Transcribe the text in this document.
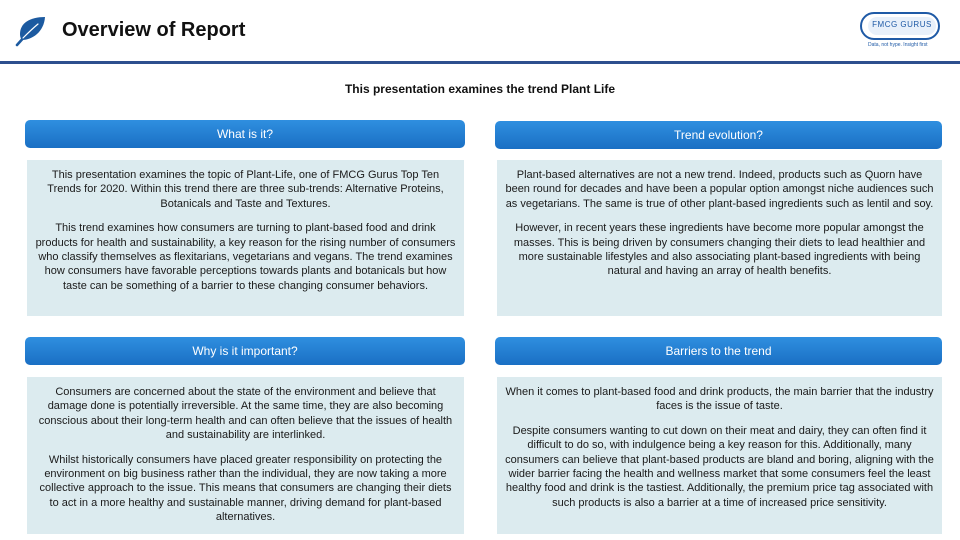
Overview of Report	FMCG GURUS
Data, not hype. Insight first
This presentation examines the trend Plant Life
What is it?

This presentation examines the topic of Plant-Life, one of FMCG Gurus Top Ten Trends for 2020. Within this trend there are three sub-trends: Alternative Proteins, Botanicals and Taste and Textures.

This trend examines how consumers are turning to plant-based food and drink products for health and sustainability, a key reason for the rising number of consumers who classify themselves as flexitarians, vegetarians and vegans. The trend examines how consumers have favorable perceptions towards plants and botanicals but how taste can be something of a barrier to these changing consumer behaviors.

Trend evolution?

Plant-based alternatives are not a new trend. Indeed, products such as Quorn have been round for decades and have been a popular option amongst niche audiences such as vegetarians. The same is true of other plant-based ingredients such as lentil and soy.

However, in recent years these ingredients have become more popular amongst the masses. This is being driven by consumers changing their diets to lead healthier and more sustainable lifestyles and also associating plant-based ingredients with being natural and having an array of health benefits.

Why is it important?

Consumers are concerned about the state of the environment and believe that damage done is potentially irreversible. At the same time, they are also becoming conscious about their long-term health and can often believe that the issues of health and sustainability are interlinked.

Whilst historically consumers have placed greater responsibility on protecting the environment on big business rather than the individual, they are now taking a more collective approach to the issue. This means that consumers are changing their diets to act in a more healthy and sustainable manner, driving demand for plant-based alternatives.

Barriers to the trend

When it comes to plant-based food and drink products, the main barrier that the industry faces is the issue of taste.

Despite consumers wanting to cut down on their meat and dairy, they can often find it difficult to do so, with indulgence being a key reason for this. Additionally, many consumers can believe that plant-based products are bland and boring, aligning with the wider barrier facing the health and wellness market that some consumers feel the least healthy food and drink is the tastiest. Additionally, the premium price tag associated with such products is also a barrier at a time of increased price sensitivity.
